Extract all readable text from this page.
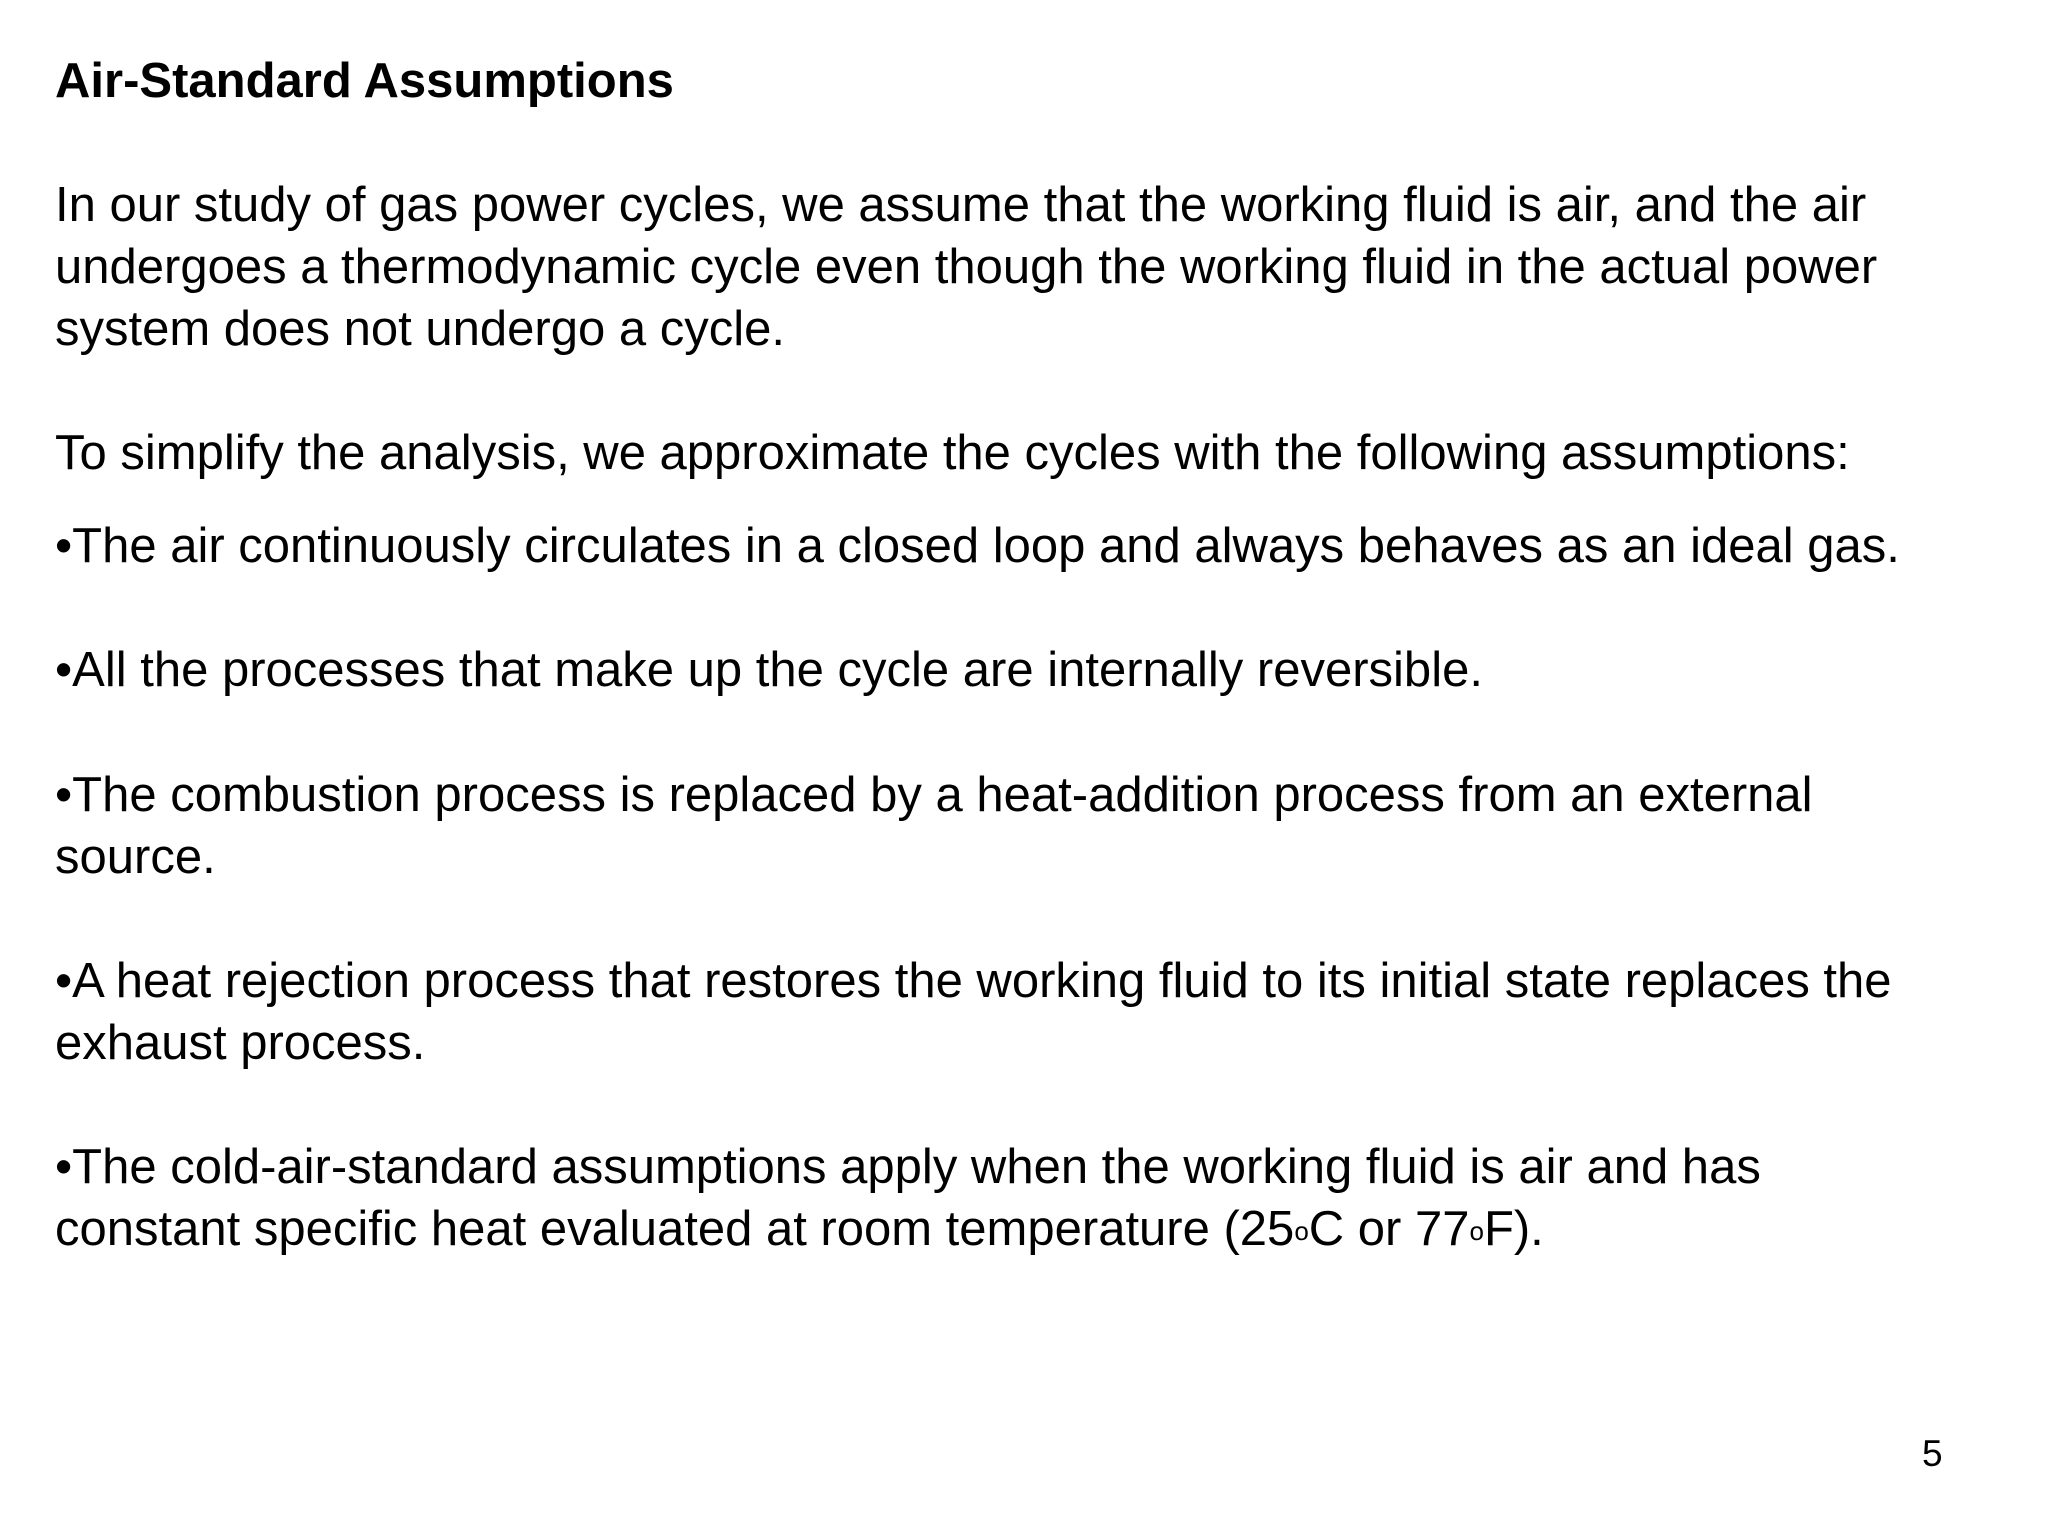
Air-Standard Assumptions
In our study of gas power cycles, we assume that the working fluid is air, and the air
undergoes a thermodynamic cycle even though the working fluid in the actual power
system does not undergo a cycle.
To simplify the analysis, we approximate the cycles with the following assumptions:
•The air continuously circulates in a closed loop and always behaves as an ideal gas.
•All the processes that make up the cycle are internally reversible.
•The combustion process is replaced by a heat-addition process from an external
source.
•A heat rejection process that restores the working fluid to its initial state replaces the
exhaust process.
•The cold-air-standard assumptions apply when the working fluid is air and has
constant specific heat evaluated at room temperature (25oC or 77oF).
5
